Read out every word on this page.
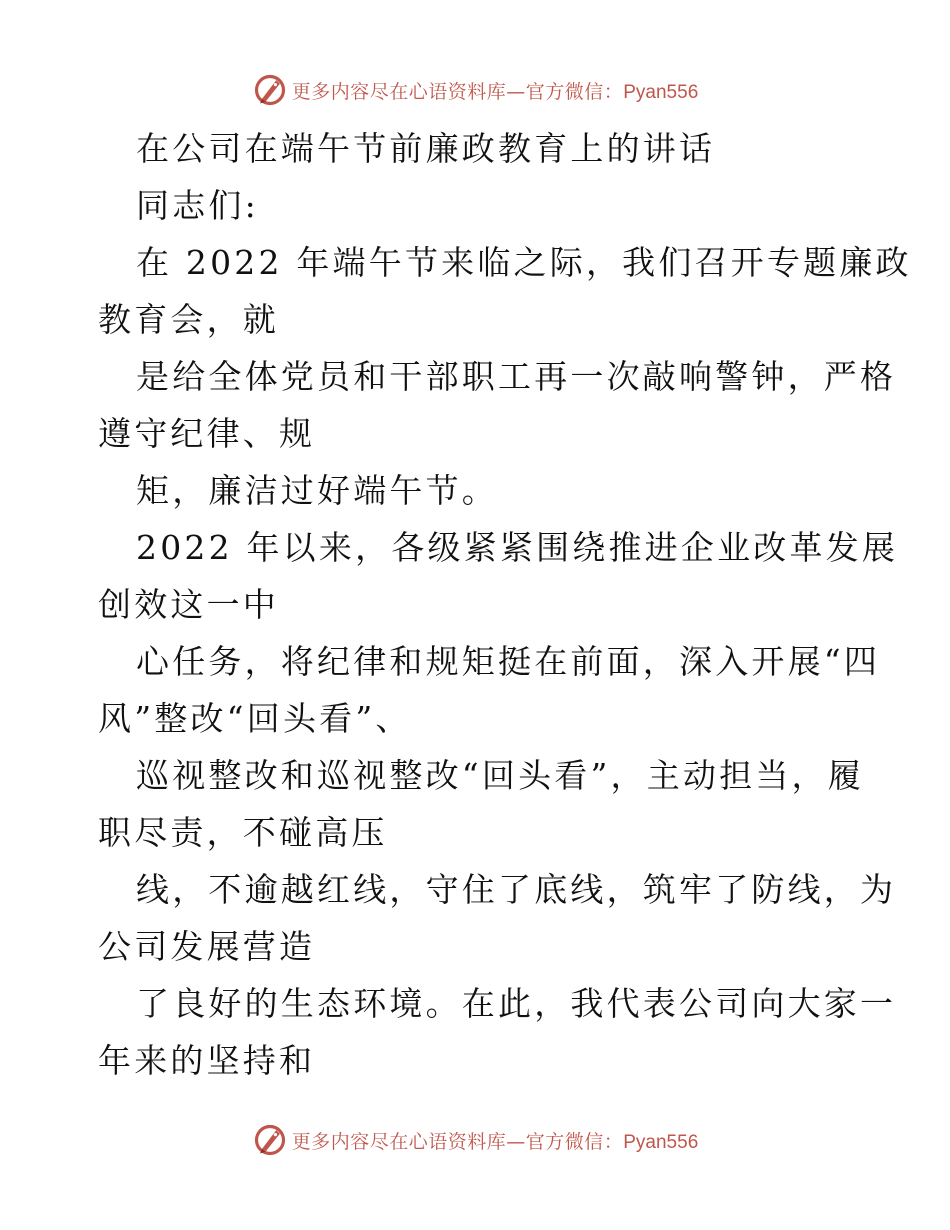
更多内容尽在心语资料库—官方微信：Pyan556
在公司在端午节前廉政教育上的讲话
同志们:
在 2022 年端午节来临之际，我们召开专题廉政
教育会，就
是给全体党员和干部职工再一次敲响警钟，严格
遵守纪律、规
矩，廉洁过好端午节。
2022 年以来，各级紧紧围绕推进企业改革发展
创效这一中
心任务，将纪律和规矩挺在前面，深入开展“四
风”整改“回头看”、
巡视整改和巡视整改“回头看”，主动担当，履
职尽责，不碰高压
线，不逾越红线，守住了底线，筑牢了防线，为
公司发展营造
了良好的生态环境。在此，我代表公司向大家一
年来的坚持和
更多内容尽在心语资料库—官方微信：Pyan556
